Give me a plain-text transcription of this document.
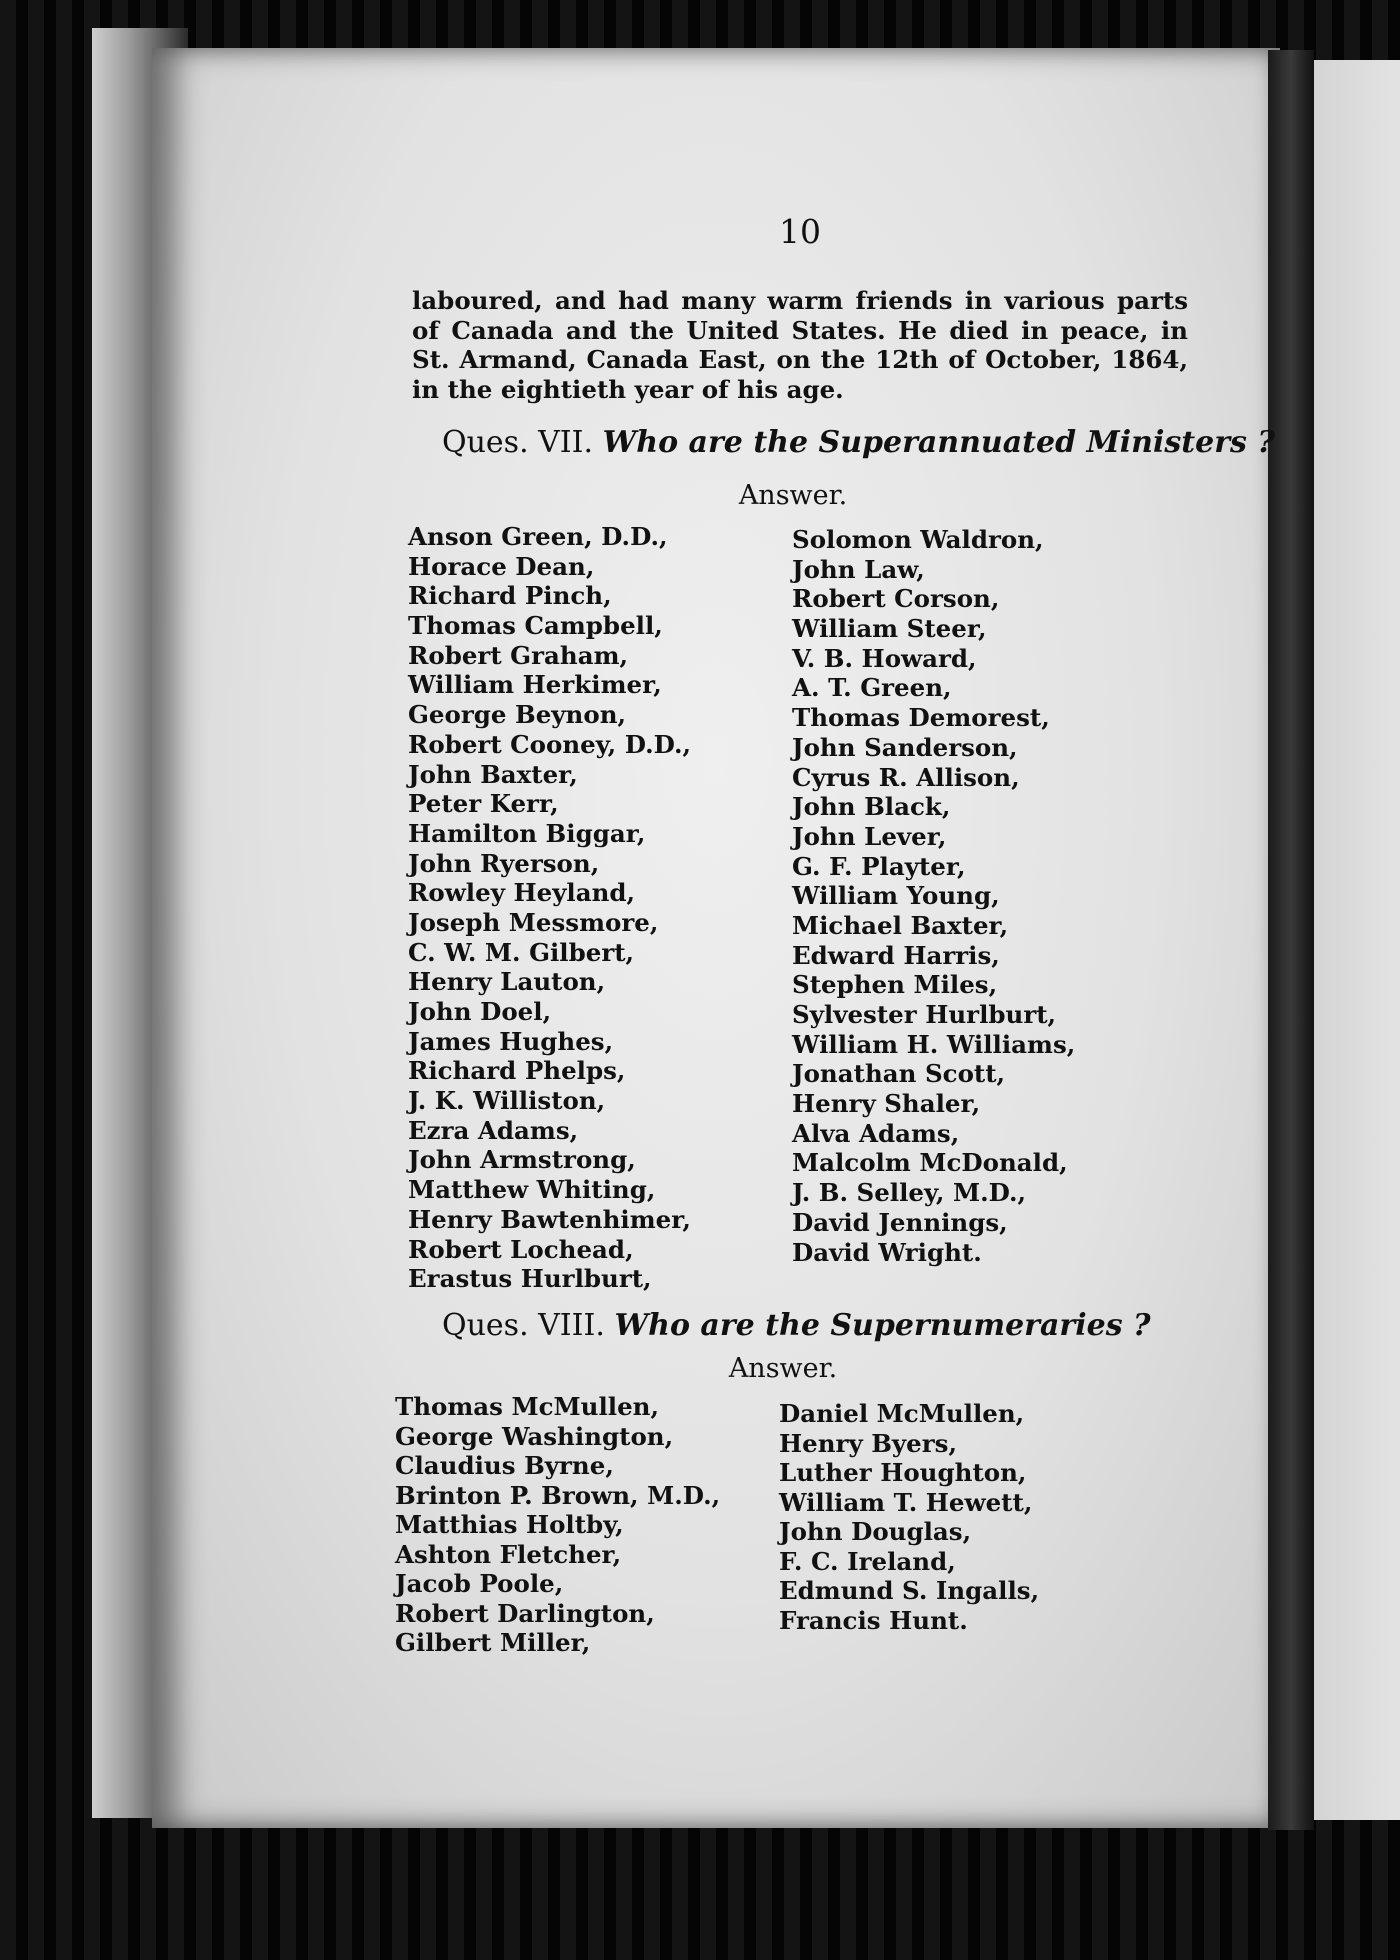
10
laboured, and had many warm friends in various parts of Canada and the United States. He died in peace, in St. Armand, Canada East, on the 12th of October, 1864, in the eightieth year of his age.
Ques. VII. Who are the Superannuated Ministers ?
Answer.
Anson Green, D.D.,
Horace Dean,
Richard Pinch,
Thomas Campbell,
Robert Graham,
William Herkimer,
George Beynon,
Robert Cooney, D.D.,
John Baxter,
Peter Kerr,
Hamilton Biggar,
John Ryerson,
Rowley Heyland,
Joseph Messmore,
C. W. M. Gilbert,
Henry Lauton,
John Doel,
James Hughes,
Richard Phelps,
J. K. Williston,
Ezra Adams,
John Armstrong,
Matthew Whiting,
Henry Bawtenhimer,
Robert Lochead,
Erastus Hurlburt,
Solomon Waldron,
John Law,
Robert Corson,
William Steer,
V. B. Howard,
A. T. Green,
Thomas Demorest,
John Sanderson,
Cyrus R. Allison,
John Black,
John Lever,
G. F. Playter,
William Young,
Michael Baxter,
Edward Harris,
Stephen Miles,
Sylvester Hurlburt,
William H. Williams,
Jonathan Scott,
Henry Shaler,
Alva Adams,
Malcolm McDonald,
J. B. Selley, M.D.,
David Jennings,
David Wright.
Ques. VIII. Who are the Supernumeraries ?
Answer.
Thomas McMullen,
George Washington,
Claudius Byrne,
Brinton P. Brown, M.D.,
Matthias Holtby,
Ashton Fletcher,
Jacob Poole,
Robert Darlington,
Gilbert Miller,
Daniel McMullen,
Henry Byers,
Luther Houghton,
William T. Hewett,
John Douglas,
F. C. Ireland,
Edmund S. Ingalls,
Francis Hunt.
